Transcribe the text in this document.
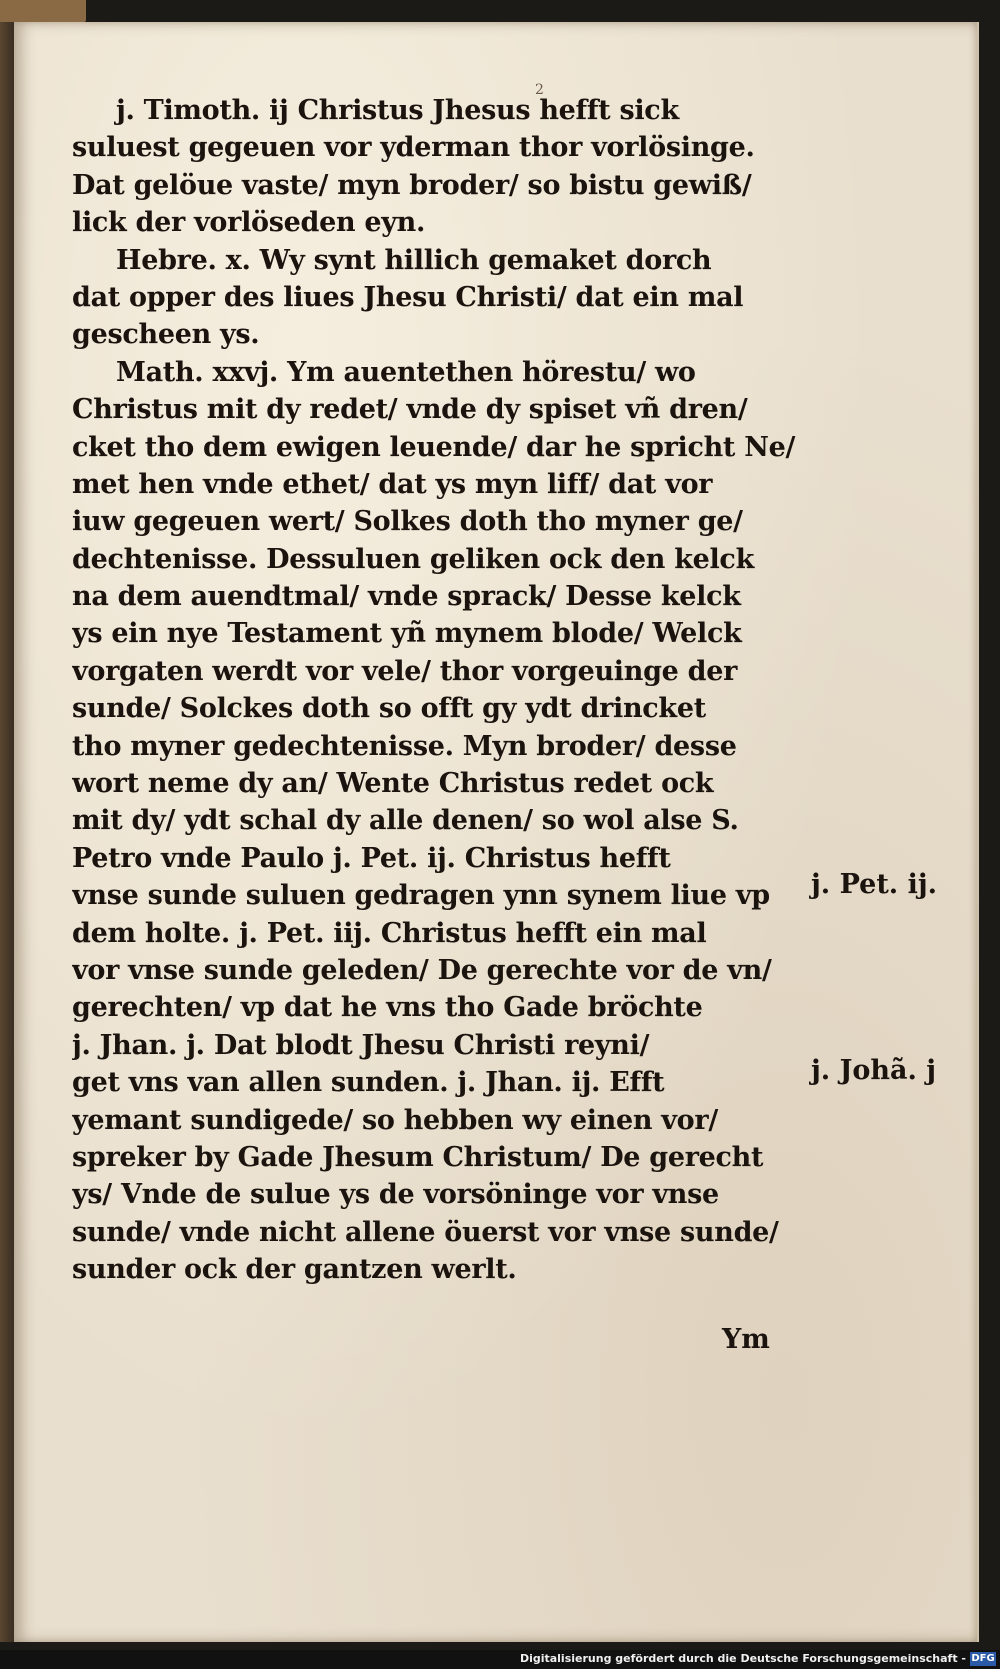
2
j. Timoth. ij Christus Jhesus hefft sick
suluest gegeuen vor yderman thor vorlösinge.
Dat gelöue vaste/ myn broder/ so bistu gewiß/
lick der vorlöseden eyn.
Hebre. x. Wy synt hillich gemaket dorch
dat opper des liues Jhesu Christi/ dat ein mal
gescheen ys.
Math. xxvj. Ym auentethen hörestu/ wo
Christus mit dy redet/ vnde dy spiset vñ dren/
cket tho dem ewigen leuende/ dar he spricht Ne/
met hen vnde ethet/ dat ys myn liff/ dat vor
iuw gegeuen wert/ Solkes doth tho myner ge/
dechtenisse. Dessuluen geliken ock den kelck
na dem auendtmal/ vnde sprack/ Desse kelck
ys ein nye Testament yñ mynem blode/ Welck
vorgaten werdt vor vele/ thor vorgeuinge der
sunde/ Solckes doth so offt gy ydt drincket
tho myner gedechtenisse. Myn broder/ desse
wort neme dy an/ Wente Christus redet ock
mit dy/ ydt schal dy alle denen/ so wol alse S.
Petro vnde Paulo j. Pet. ij. Christus hefft
vnse sunde suluen gedragen ynn synem liue vp
dem holte. j. Pet. iij. Christus hefft ein mal
vor vnse sunde geleden/ De gerechte vor de vn/
gerechten/ vp dat he vns tho Gade bröchte
j. Jhan. j. Dat blodt Jhesu Christi reyni/
get vns van allen sunden. j. Jhan. ij. Efft
yemant sundigede/ so hebben wy einen vor/
spreker by Gade Jhesum Christum/ De gerecht
ys/ Vnde de sulue ys de vorsöninge vor vnse
sunde/ vnde nicht allene öuerst vor vnse sunde/
sunder ock der gantzen werlt.
j. Pet. ij.
j. Johã. j
Ym
Digitalisierung gefördert durch die Deutsche Forschungsgemeinschaft - DFG
